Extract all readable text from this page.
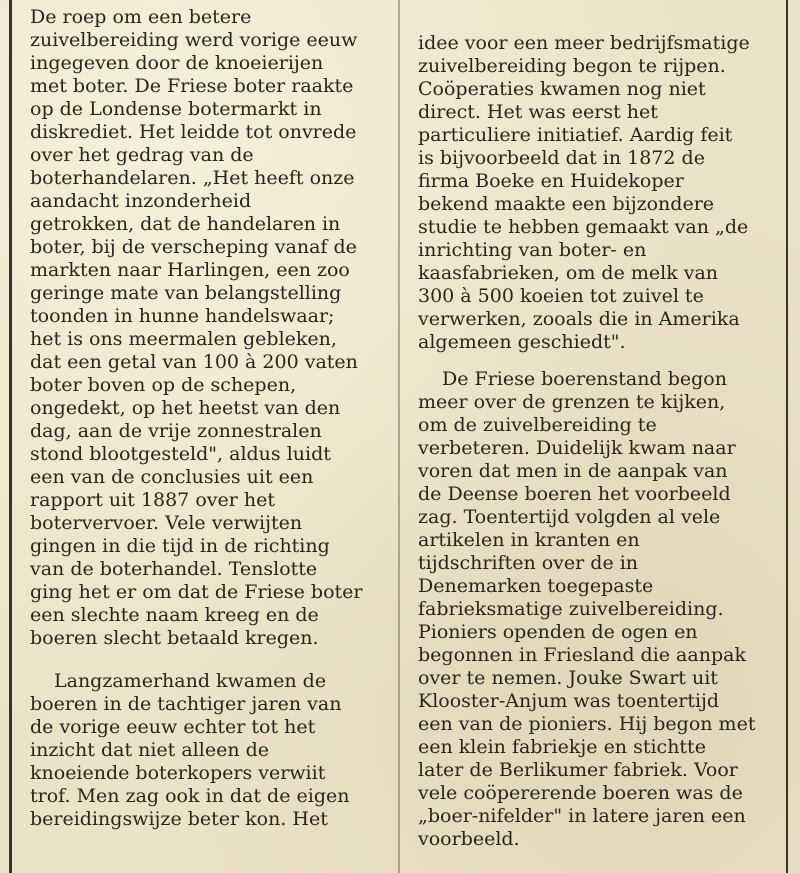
De roep om een betere
zuivelbereiding werd vorige eeuw
ingegeven door de knoeierijen
met boter. De Friese boter raakte
op de Londense botermarkt in
diskrediet. Het leidde tot onvrede
over het gedrag van de
boterhandelaren. „Het heeft onze
aandacht inzonderheid
getrokken, dat de handelaren in
boter, bij de verscheping vanaf de
markten naar Harlingen, een zoo
geringe mate van belangstelling
toonden in hunne handelswaar;
het is ons meermalen gebleken,
dat een getal van 100 à 200 vaten
boter boven op de schepen,
ongedekt, op het heetst van den
dag, aan de vrije zonnestralen
stond blootgesteld", aldus luidt
een van de conclusies uit een
rapport uit 1887 over het
botervervoer. Vele verwijten
gingen in die tijd in de richting
van de boterhandel. Tenslotte
ging het er om dat de Friese boter
een slechte naam kreeg en de
boeren slecht betaald kregen.
Langzamerhand kwamen de
boeren in de tachtiger jaren van
de vorige eeuw echter tot het
inzicht dat niet alleen de
knoeiende boterkopers verwiit
trof. Men zag ook in dat de eigen
bereidingswijze beter kon. Het
idee voor een meer bedrijfsmatige
zuivelbereiding begon te rijpen.
Coöperaties kwamen nog niet
direct. Het was eerst het
particuliere initiatief. Aardig feit
is bijvoorbeeld dat in 1872 de
firma Boeke en Huidekoper
bekend maakte een bijzondere
studie te hebben gemaakt van „de
inrichting van boter- en
kaasfabrieken, om de melk van
300 à 500 koeien tot zuivel te
verwerken, zooals die in Amerika
algemeen geschiedt".
De Friese boerenstand begon
meer over de grenzen te kijken,
om de zuivelbereiding te
verbeteren. Duidelijk kwam naar
voren dat men in de aanpak van
de Deense boeren het voorbeeld
zag. Toentertijd volgden al vele
artikelen in kranten en
tijdschriften over de in
Denemarken toegepaste
fabrieksmatige zuivelbereiding.
Pioniers openden de ogen en
begonnen in Friesland die aanpak
over te nemen. Jouke Swart uit
Klooster-Anjum was toentertijd
een van de pioniers. Hij begon met
een klein fabriekje en stichtte
later de Berlikumer fabriek. Voor
vele coöpererende boeren was de
„boer-nifelder" in latere jaren een
voorbeeld.
